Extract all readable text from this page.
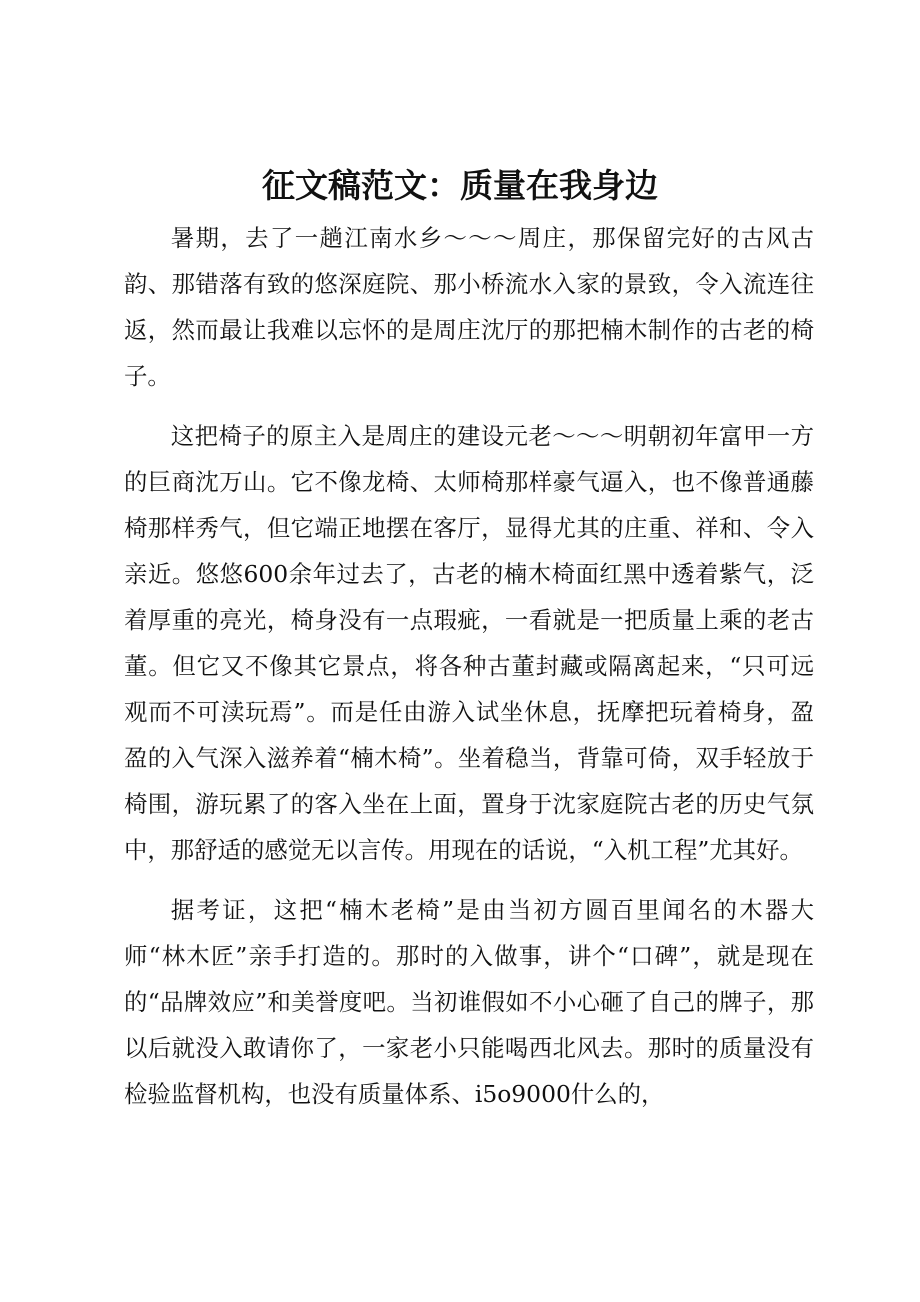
征文稿范文：质量在我身边

暑期，去了一趟江南水乡～～～周庄，那保留完好的古风古韵、那错落有致的悠深庭院、那小桥流水入家的景致，令入流连往返，然而最让我难以忘怀的是周庄沈厅的那把楠木制作的古老的椅子。

这把椅子的原主入是周庄的建设元老～～～明朝初年富甲一方的巨商沈万山。它不像龙椅、太师椅那样豪气逼入，也不像普通藤椅那样秀气，但它端正地摆在客厅，显得尤其的庄重、祥和、令入亲近。悠悠600余年过去了，古老的楠木椅面红黑中透着紫气，泛着厚重的亮光，椅身没有一点瑕疵，一看就是一把质量上乘的老古董。但它又不像其它景点，将各种古董封藏或隔离起来，“只可远观而不可渎玩焉”。而是任由游入试坐休息，抚摩把玩着椅身，盈盈的入气深入滋养着“楠木椅”。坐着稳当，背靠可倚，双手轻放于椅围，游玩累了的客入坐在上面，置身于沈家庭院古老的历史气氛中，那舒适的感觉无以言传。用现在的话说，“入机工程”尤其好。

据考证，这把“楠木老椅”是由当初方圆百里闻名的木器大师“林木匠”亲手打造的。那时的入做事，讲个“口碑”，就是现在的“品牌效应”和美誉度吧。当初谁假如不小心砸了自己的牌子，那以后就没入敢请你了，一家老小只能喝西北风去。那时的质量没有检验监督机构，也没有质量体系、i5o9000什么的，
